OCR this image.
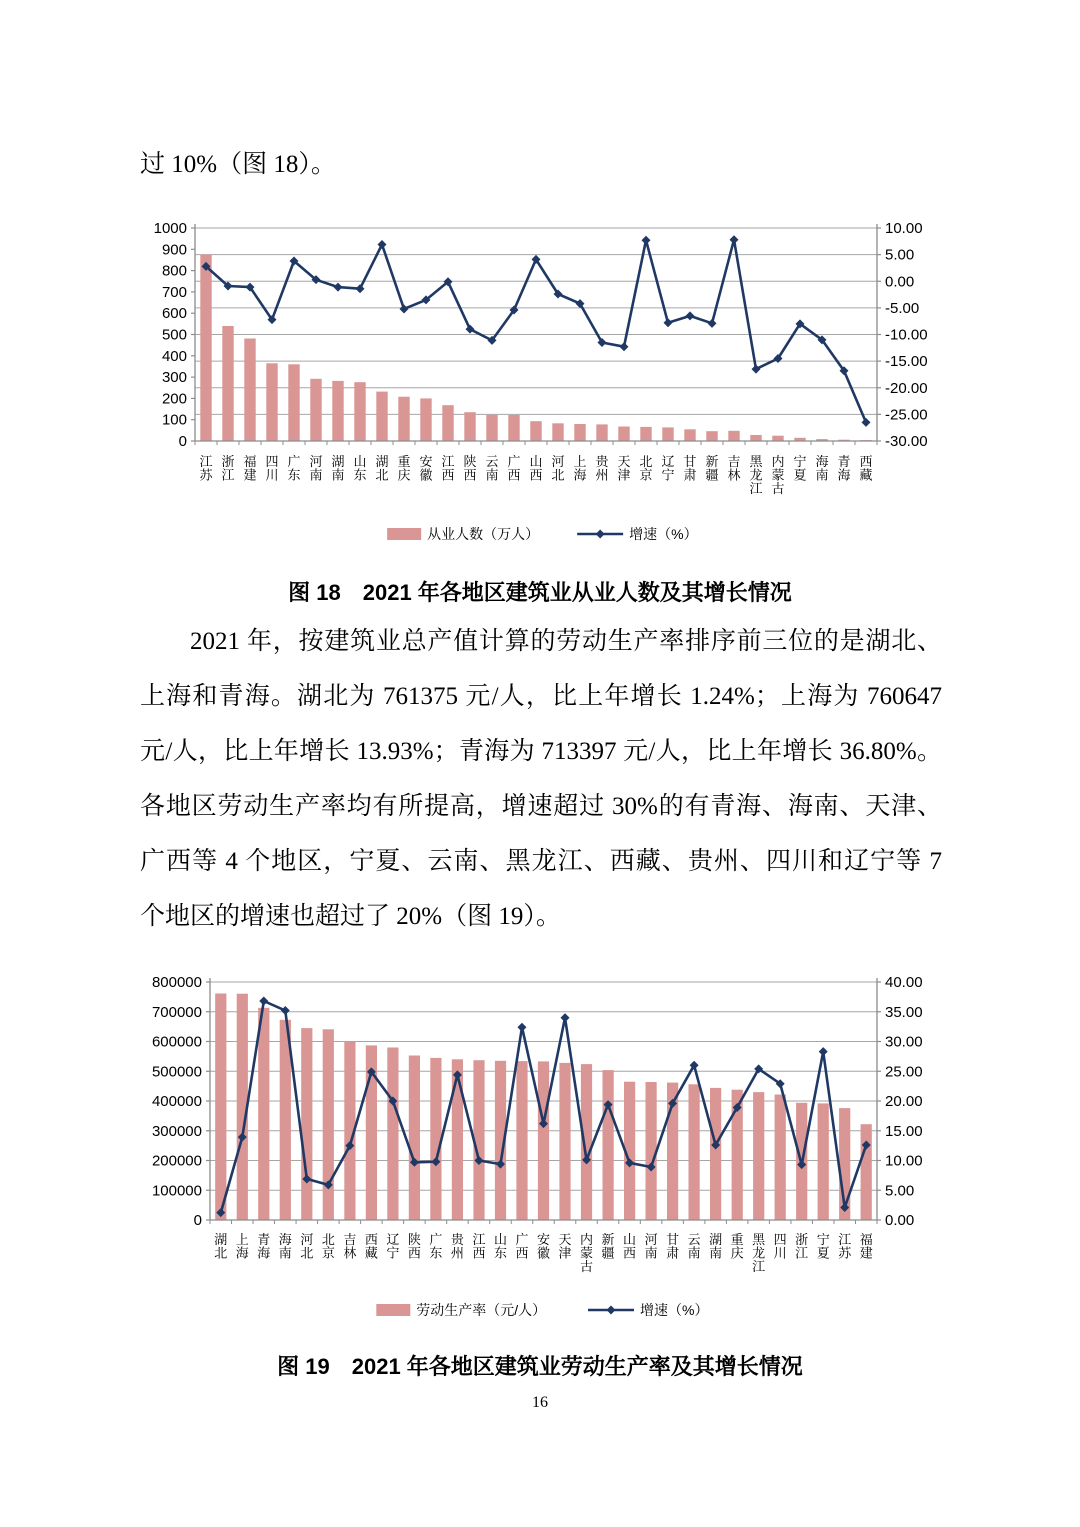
过 10%（图 18）。
0
100
200
300
400
500
600
700
800
900
1000
-30.00
-25.00
-20.00
-15.00
-10.00
-5.00
0.00
5.00
10.00
江苏
浙江
福建
四川
广东
河南
湖南
山东
湖北
重庆
安徽
江西
陕西
云南
广西
山西
河北
上海
贵州
天津
北京
辽宁
甘肃
新疆
吉林
黑龙江
内蒙古
宁夏
海南
青海
西藏
从业人数（万人）	增速（%）
图 18　2021 年各地区建筑业从业人数及其增长情况
2021 年，按建筑业总产值计算的劳动生产率排序前三位的是湖北、
上海和青海。湖北为 761375 元/人，比上年增长 1.24%；上海为 760647
元/人，比上年增长 13.93%；青海为 713397 元/人，比上年增长 36.80%。
各地区劳动生产率均有所提高，增速超过 30%的有青海、海南、天津、
广西等 4 个地区，宁夏、云南、黑龙江、西藏、贵州、四川和辽宁等 7
个地区的增速也超过了 20%（图 19）。
0
100000
200000
300000
400000
500000
600000
700000
800000
0.00
5.00
10.00
15.00
20.00
25.00
30.00
35.00
40.00
湖北
上海
青海
海南
河北
北京
吉林
西藏
辽宁
陕西
广东
贵州
江西
山东
广西
安徽
天津
内蒙古
新疆
山西
河南
甘肃
云南
湖南
重庆
黑龙江
四川
浙江
宁夏
江苏
福建
劳动生产率（元/人）	增速（%）
图 19　2021 年各地区建筑业劳动生产率及其增长情况
16
